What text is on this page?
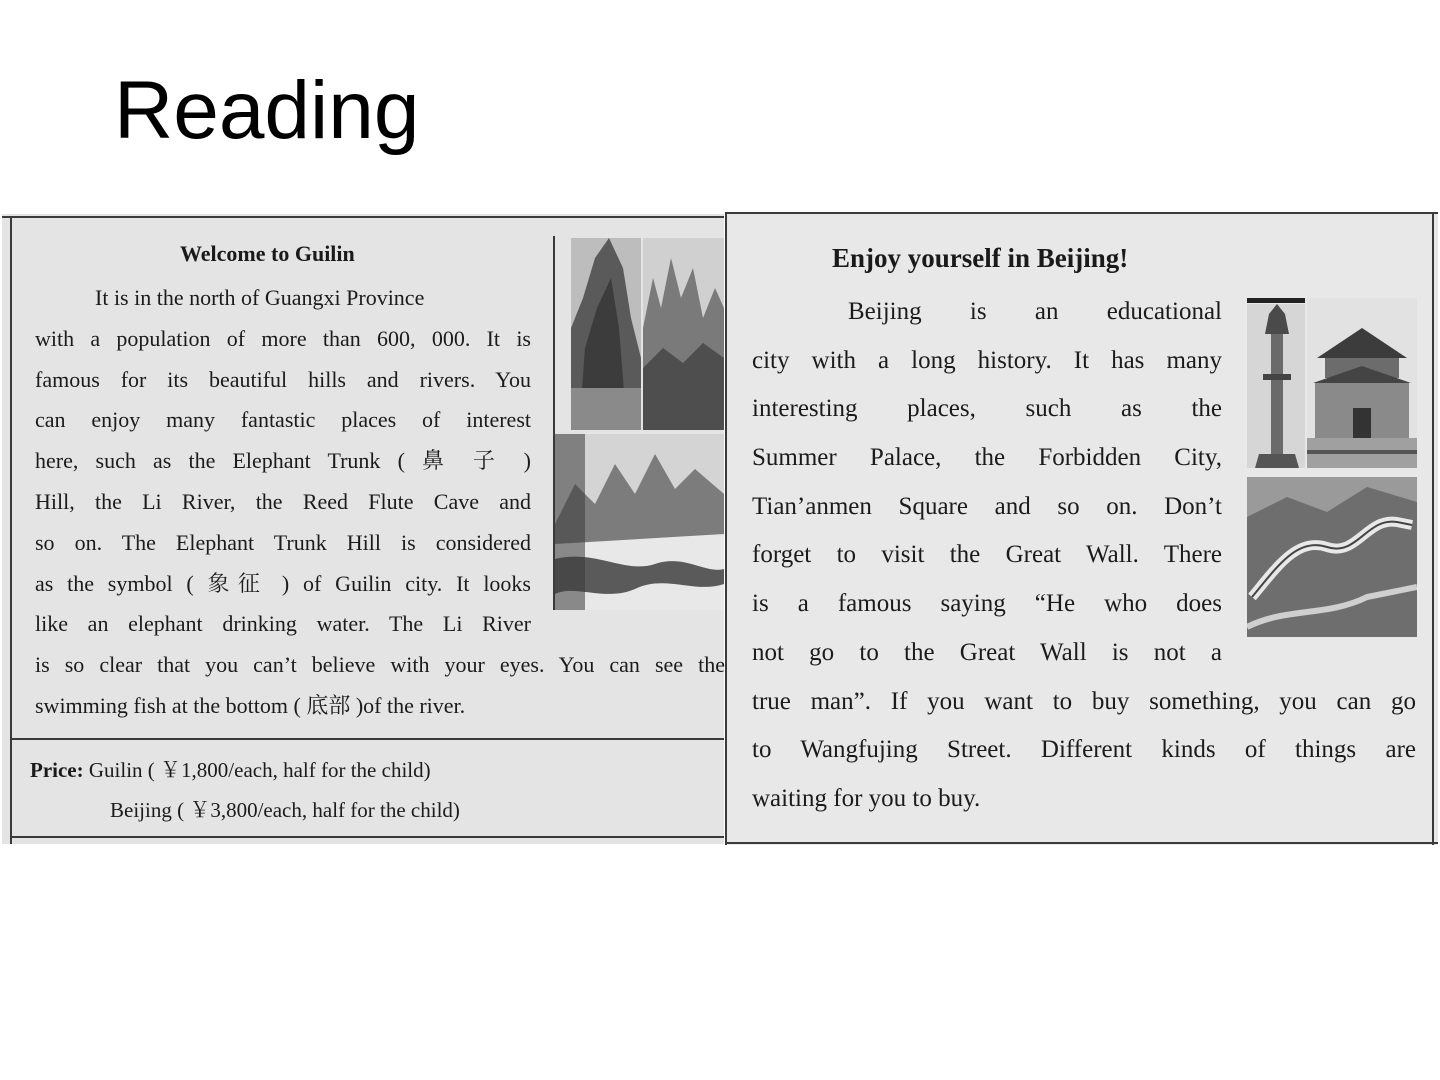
Reading
Welcome to Guilin
It is in the north of Guangxi Province
with a population of more than 600, 000. It is
famous for its beautiful hills and rivers. You
can enjoy many fantastic places of interest
here, such as the Elephant Trunk ( 鼻 子 )
Hill, the Li River, the Reed Flute Cave and
so on. The Elephant Trunk Hill is considered
as the symbol ( 象征 ) of Guilin city. It looks
like an elephant drinking water. The Li River
is so clear that you can’t believe with your eyes. You can see the
swimming fish at the bottom ( 底部 )of the river.
Price: Guilin ( ￥1,800/each, half for the child)
Beijing ( ￥3,800/each, half for the child)
Enjoy yourself in Beijing!
Beijing is an educational
city with a long history. It has many
interesting places, such as the
Summer Palace, the Forbidden City,
Tian’anmen Square and so on. Don’t
forget to visit the Great Wall. There
is a famous saying “He who does
not go to the Great Wall is not a
true man”. If you want to buy something, you can go
to Wangfujing Street. Different kinds of things are
waiting for you to buy.
